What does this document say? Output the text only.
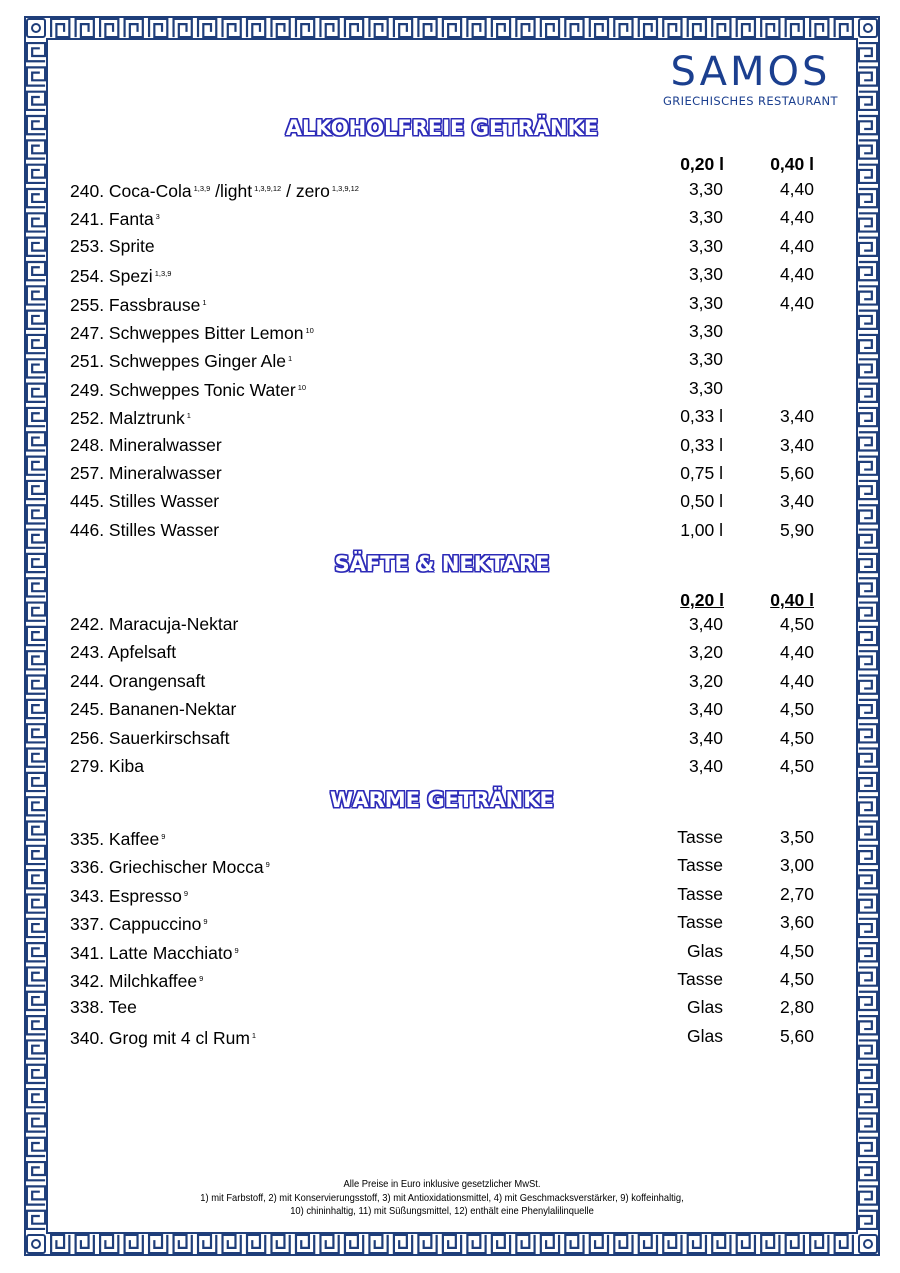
SAMOS
GRIECHISCHES RESTAURANT
ALKOHOLFREIE GETRÄNKE
0,20 l	0,40 l
240. Coca-Cola $^{1,3,9}$ /light $^{1,3,9,12}$ / zero $^{1,3,9,12}$	3,30	4,40
241. Fanta $^3$	3,30	4,40
253. Sprite	3,30	4,40
254. Spezi $^{1,3,9}$	3,30	4,40
255. Fassbrause $^1$	3,30	4,40
247. Schweppes Bitter Lemon $^{10}$	3,30
251. Schweppes Ginger Ale $^1$	3,30
249. Schweppes Tonic Water $^{10}$	3,30
252. Malztrunk $^1$	0,33 l	3,40
248. Mineralwasser	0,33 l	3,40
257. Mineralwasser	0,75 l	5,60
445. Stilles Wasser	0,50 l	3,40
446. Stilles Wasser	1,00 l	5,90
SÄFTE & NEKTARE
0,20 l	0,40 l
242. Maracuja-Nektar	3,40	4,50
243. Apfelsaft	3,20	4,40
244. Orangensaft	3,20	4,40
245. Bananen-Nektar	3,40	4,50
256. Sauerkirschsaft	3,40	4,50
279. Kiba	3,40	4,50
WARME GETRÄNKE
335. Kaffee $^9$	Tasse	3,50
336. Griechischer Mocca $^9$	Tasse	3,00
343. Espresso $^9$	Tasse	2,70
337. Cappuccino $^9$	Tasse	3,60
341. Latte Macchiato $^9$	Glas	4,50
342. Milchkaffee $^9$	Tasse	4,50
338. Tee	Glas	2,80
340. Grog mit 4 cl Rum $^1$	Glas	5,60
Alle Preise in Euro inklusive gesetzlicher MwSt.
1) mit Farbstoff, 2) mit Konservierungsstoff, 3) mit Antioxidationsmittel, 4) mit Geschmacksverstärker, 9) koffeinhaltig,
10) chininhaltig, 11) mit Süßungsmittel, 12) enthält eine Phenylalilinquelle
